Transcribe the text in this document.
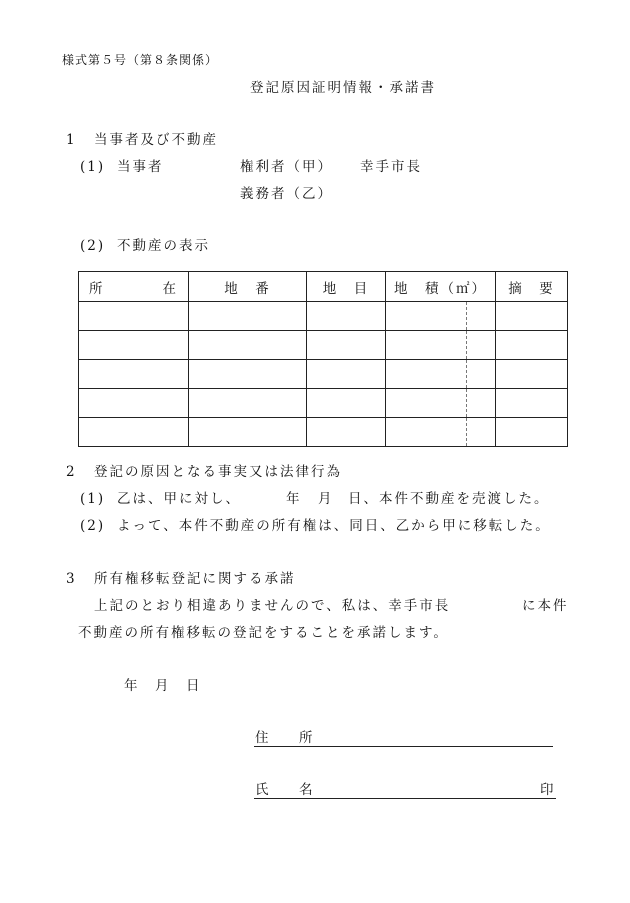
様式第５号（第８条関係）
登記原因証明情報・承諾書
1 当事者及び不動産
(1) 当事者	権利者（甲） 幸手市長
義務者（乙）
(2) 不動産の表示
所 在	地　番	地　目	地　積（㎡）	摘　要

2 登記の原因となる事実又は法律行為
(1) 乙は、甲に対し、	年 月 日、本件不動産を売渡した。
(2) よって、本件不動産の所有権は、同日、乙から甲に移転した。
3 所有権移転登記に関する承諾
上記のとおり相違ありませんので、私は、幸手市長	に本件
不動産の所有権移転の登記をすることを承諾します。
年 月 日
住 所
氏 名	印
